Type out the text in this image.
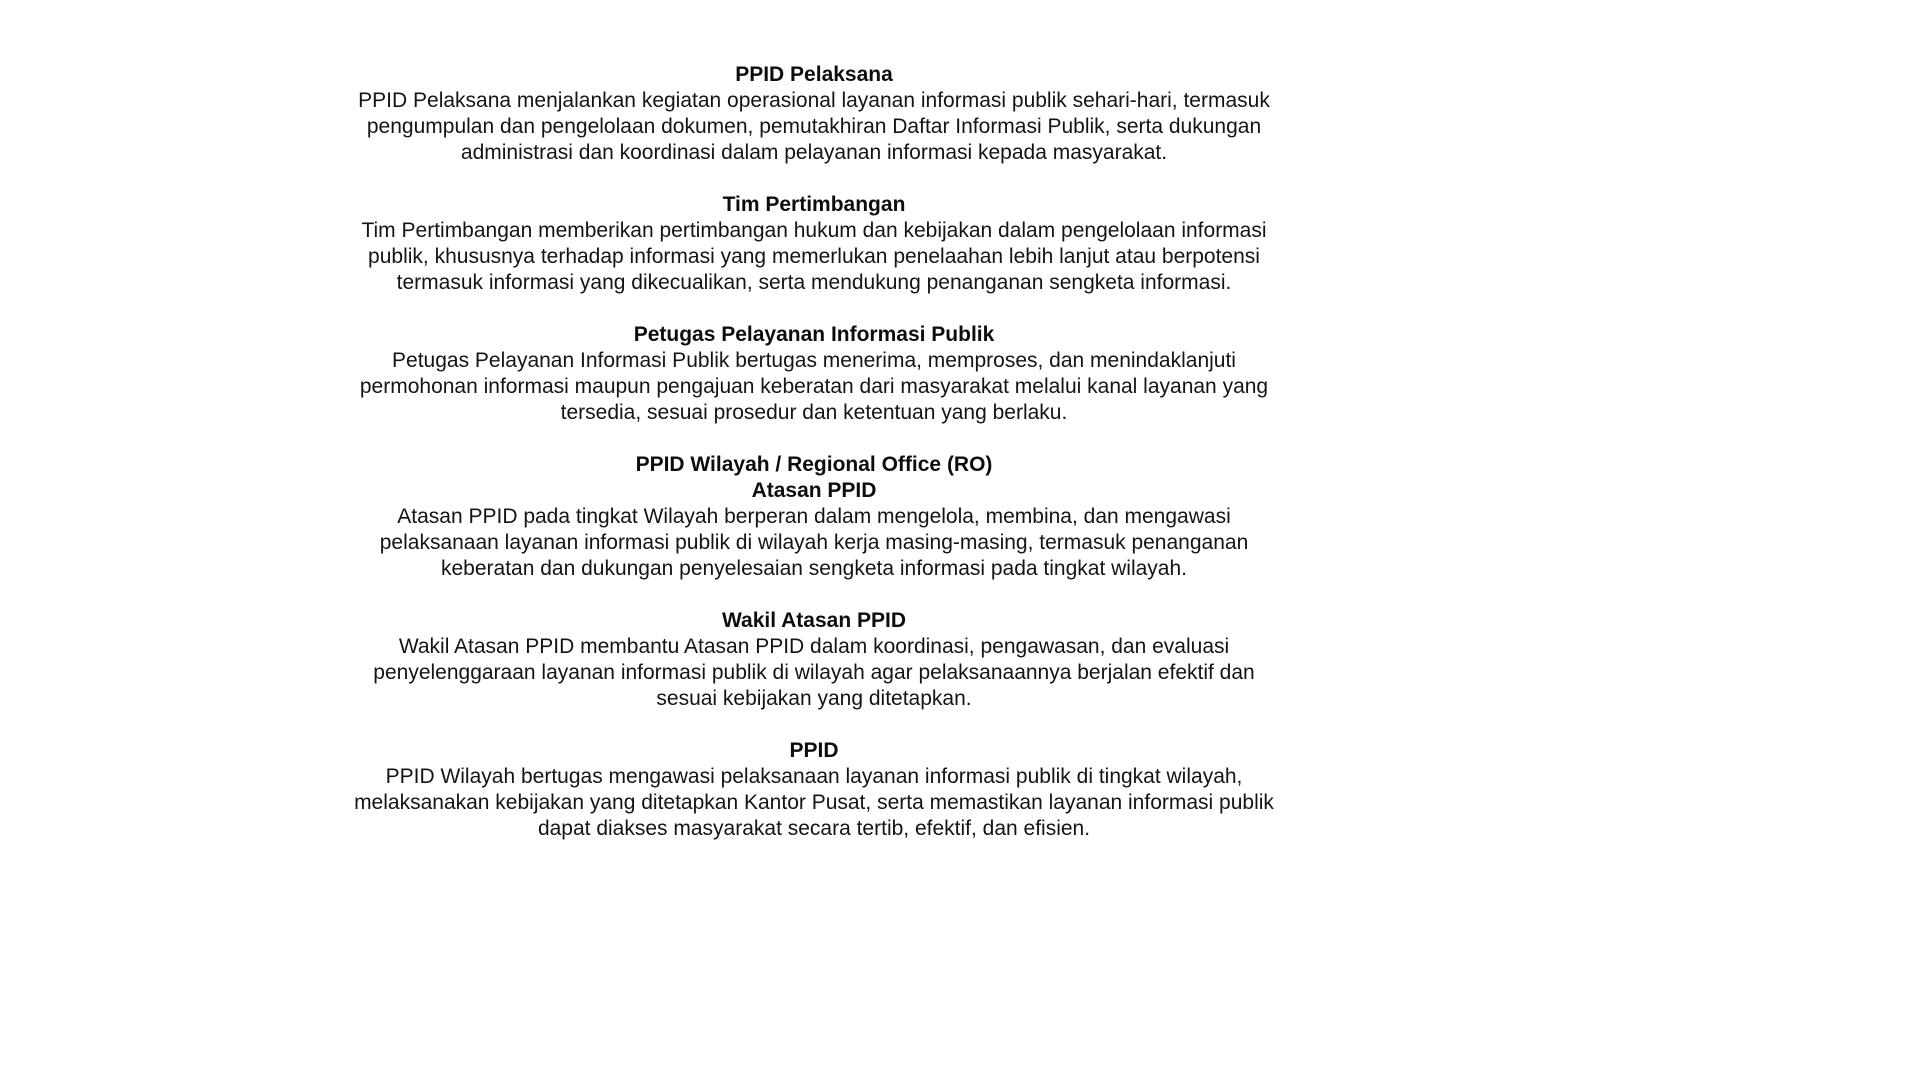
PPID Pelaksana

PPID Pelaksana menjalankan kegiatan operasional layanan informasi publik sehari-hari, termasuk pengumpulan dan pengelolaan dokumen, pemutakhiran Daftar Informasi Publik, serta dukungan administrasi dan koordinasi dalam pelayanan informasi kepada masyarakat.

Tim Pertimbangan

Tim Pertimbangan memberikan pertimbangan hukum dan kebijakan dalam pengelolaan informasi publik, khususnya terhadap informasi yang memerlukan penelaahan lebih lanjut atau berpotensi termasuk informasi yang dikecualikan, serta mendukung penanganan sengketa informasi.

Petugas Pelayanan Informasi Publik

Petugas Pelayanan Informasi Publik bertugas menerima, memproses, dan menindaklanjuti permohonan informasi maupun pengajuan keberatan dari masyarakat melalui kanal layanan yang tersedia, sesuai prosedur dan ketentuan yang berlaku.

PPID Wilayah / Regional Office (RO)
Atasan PPID

Atasan PPID pada tingkat Wilayah berperan dalam mengelola, membina, dan mengawasi pelaksanaan layanan informasi publik di wilayah kerja masing-masing, termasuk penanganan keberatan dan dukungan penyelesaian sengketa informasi pada tingkat wilayah.

Wakil Atasan PPID

Wakil Atasan PPID membantu Atasan PPID dalam koordinasi, pengawasan, dan evaluasi penyelenggaraan layanan informasi publik di wilayah agar pelaksanaannya berjalan efektif dan sesuai kebijakan yang ditetapkan.

PPID

PPID Wilayah bertugas mengawasi pelaksanaan layanan informasi publik di tingkat wilayah, melaksanakan kebijakan yang ditetapkan Kantor Pusat, serta memastikan layanan informasi publik dapat diakses masyarakat secara tertib, efektif, dan efisien.
